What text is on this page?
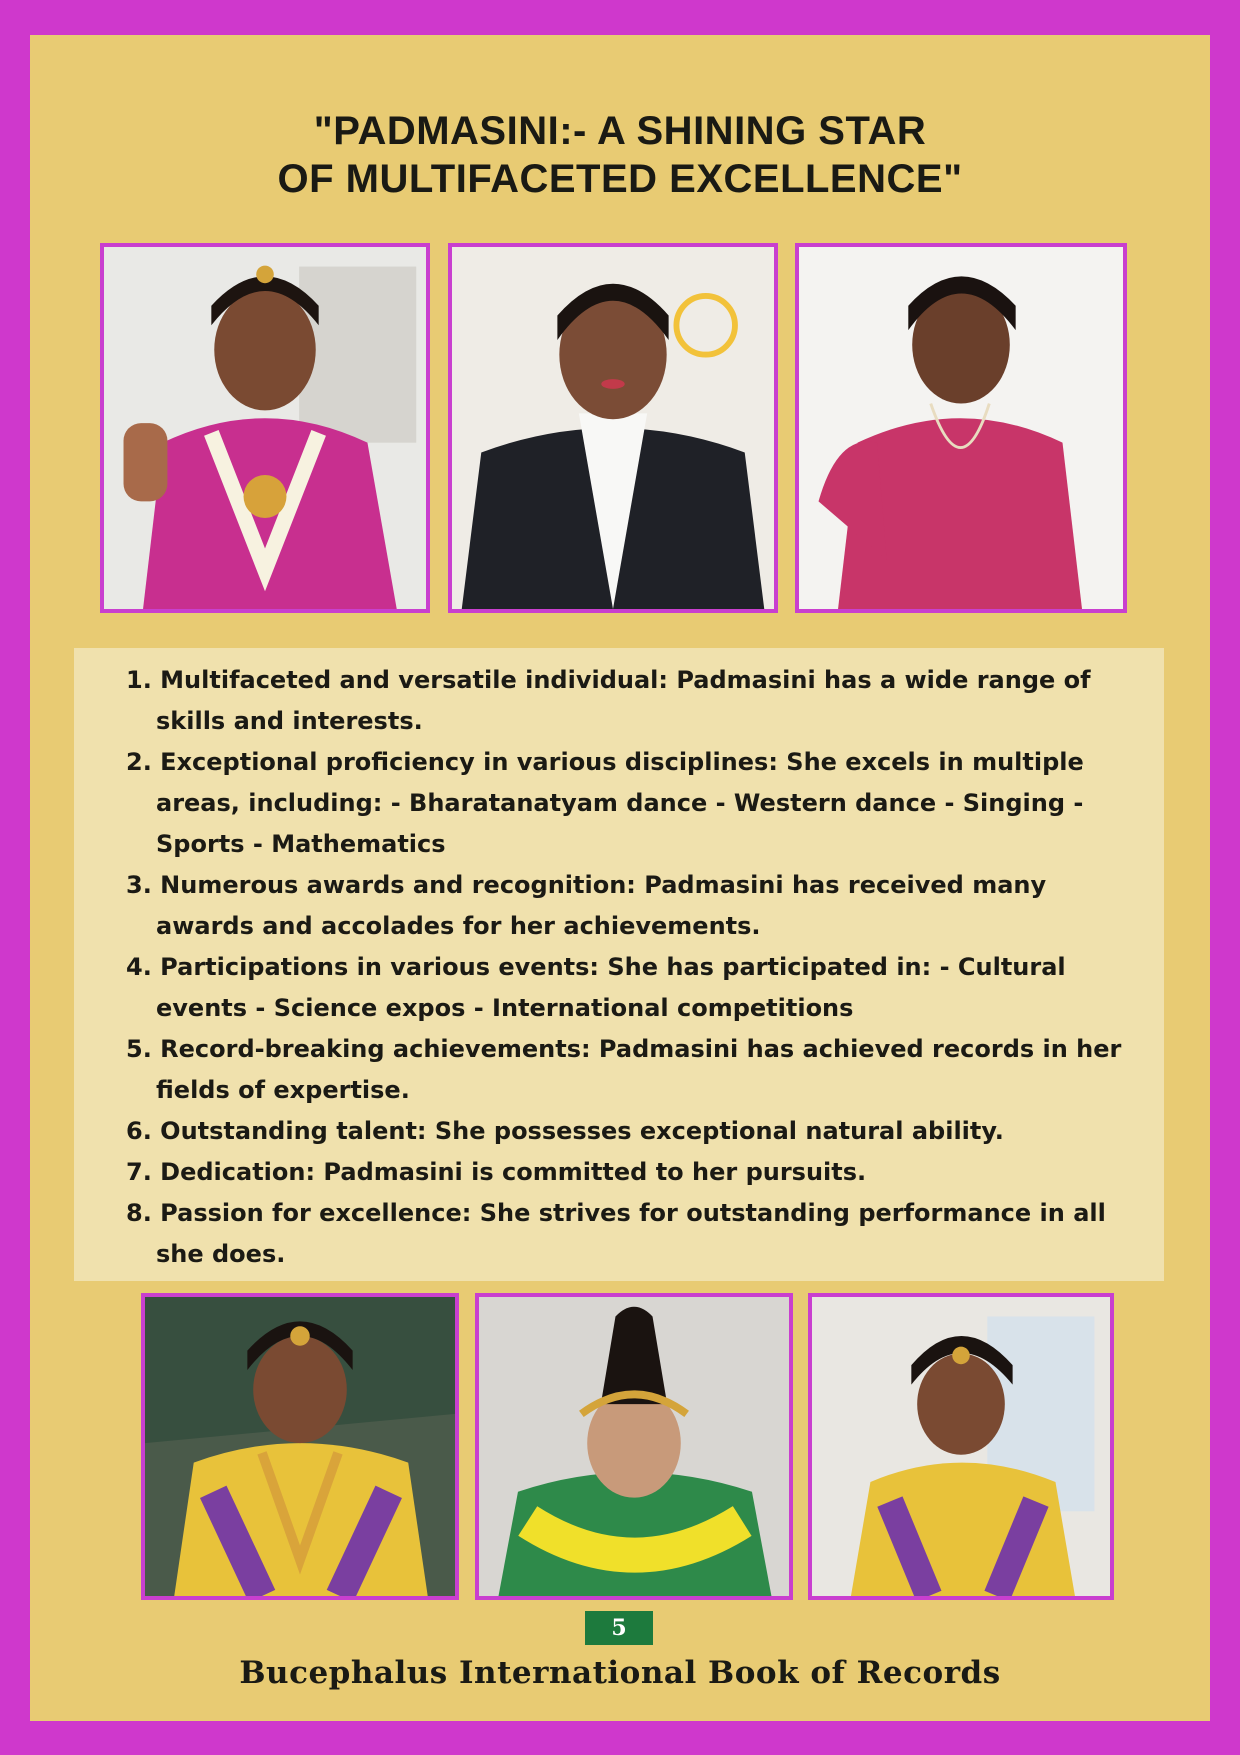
"PADMASINI:- A SHINING STAR
OF MULTIFACETED EXCELLENCE"
1. Multifaceted and versatile individual: Padmasini has a wide range of skills and interests.
2. Exceptional proficiency in various disciplines: She excels in multiple areas, including: - Bharatanatyam dance - Western dance - Singing - Sports - Mathematics
3. Numerous awards and recognition: Padmasini has received many awards and accolades for her achievements.
4. Participations in various events: She has participated in: - Cultural events - Science expos - International competitions
5. Record-breaking achievements: Padmasini has achieved records in her fields of expertise.
6. Outstanding talent: She possesses exceptional natural ability.
7. Dedication: Padmasini is committed to her pursuits.
8. Passion for excellence: She strives for outstanding performance in all she does.
5
Bucephalus International Book of Records
